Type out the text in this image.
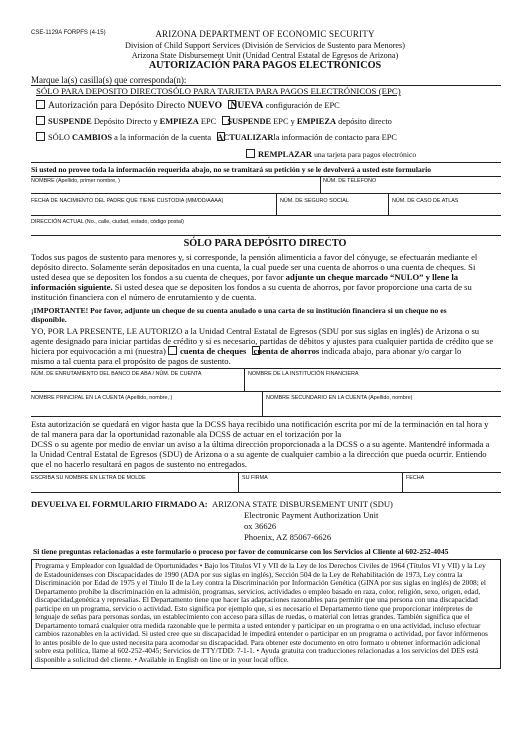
CSE-1129A FORPFS (4-15)	ARIZONA DEPARTMENT OF ECONOMIC SECURITY
Division of Child Support Services (División de Servicios de Sustento para Menores)
Arizona State Disbursement Unit (Unidad Central Estatal de Egresos de Arizona)
AUTORIZACIÓN PARA PAGOS ELECTRÓNICOS
Marque la(s) casilla(s) que corresponda(n):
SÓLO PARA DEPOSITO DIRECTOSÓLO PARA TARJETA PARA PAGOS ELECTRÓNICOS (EPC)
Autorización para Depósito Directo NUEVO NUEVA configuración de EPC
SUSPENDE Depósito Directo y EMPIEZA EPC SUSPENDE EPC y EMPIEZA depósito directo
SÓLO CAMBIOS a la información de la cuenta ACTUALIZARla información de contacto para EPC
REMPLAZAR una tarjeta para pagos electrónico
Si usted no provee toda la información requerida abajo, no se tramitará su petición y se le devolverá a usted este formulario
NOMBRE (Apellido, primer nombre, )	NÚM. DE TELEFONO
FECHA DE NACIMIENTO DEL PADRE QUE TIENE CUSTODIA (MM/DD/AAAA)	NÚM. DE SEGURO SOCIAL	NÚM. DE CASO DE ATLAS
DIRECCIÓN ACTUAL (No., calle, ciudad, estado, código postal)
SÓLO PARA DEPÓSITO DIRECTO
Todos sus pagos de sustento para menores y, si corresponde, la pensión alimenticia a favor del cónyuge, se efectuarán mediante el
depósito directo. Solamente serán depositados en una cuenta, la cual puede ser una cuenta de ahorros o una cuenta de cheques. Si
usted desea que se depositen los fondos a su cuenta de cheques, por favor adjunte un cheque marcado “NULO” y llene la
información siguiente. Si usted desea que se depositen los fondos a su cuenta de ahorros, por favor proporcione una carta de su
institución financiera con el número de enrutamiento y de cuenta.
¡IMPORTANTE! Por favor, adjunte un cheque de su cuenta anulado o una carta de su institución financiera si un cheque no es
disponible.
YO, POR LA PRESENTE, LE AUTORIZO a la Unidad Central Estatal de Egresos (SDU por sus siglas en inglés) de Arizona o su
agente designado para iniciar partidas de crédito y si es necesario, partidas de débitos y ajustes para cualquier partida de crédito que se
hiciera por equivocación a mi (nuestra) cuenta de cheques cuenta de ahorros indicada abajo, para abonar y/o cargar lo
mismo a tal cuenta para el propósito de pagos de sustento.
NÚM. DE ENRUTAMIENTO DEL BANCO DE ABA / NÚM. DE CUENTA	NOMBRE DE LA INSTITUCIÓN FINANCIERA
NOMBRE PRINCIPAL EN LA CUENTA (Apellido, nombre, )	NOMBRE SECUNDARIO EN LA CUENTA (Apellido, nombre)
Esta autorización se quedará en vigor hasta que la DCSS haya recibido una notificación escrita por mí de la terminación en tal hora y
de tal manera para dar la oportunidad razonable ala DCSS de actuar en el torización por la
DCSS o su agente por medio de enviar un aviso a la última dirección proporcionada a la DCSS o a su agente. Mantendré informada a
la Unidad Central Estatal de Egresos (SDU) de Arizona o a su agente de cualquier cambio a la dirección que pueda ocurrir. Entiendo
que el no hacerlo resultará en pagos de sustento no entregados.
ESCRIBA SU NOMBRE EN LETRA DE MOLDE	SU FIRMA	FECHA
DEVUELVA EL FORMULARIO FIRMADO A: ARIZONA STATE DISBURSEMENT UNIT (SDU)
Electronic Payment Authorization Unit
ox 36626
Phoenix, AZ 85067-6626
Si tiene preguntas relacionadas a este formulario o proceso por favor de comunicarse con los Servicios al Cliente al 602-252-4045
Programa y Empleador con Igualdad de Oportunidades • Bajo los Títulos VI y VII de la Ley de los Derechos Civiles de 1964 (Títulos VI y VII) y la Ley
de Estadounidenses con Discapacidades de 1990 (ADA por sus siglas en inglés), Sección 504 de la Ley de Rehabilitación de 1973, Ley contra la
Discriminación por Edad de 1975 y el Título II de la Ley contra la Discriminación por Información Genética (GINA por sus siglas en inglés) de 2008; el
Departamento prohíbe la discriminación en la admisión, programas, servicios, actividades o empleo basado en raza, color, religión, sexo, origen, edad,
discapacidad,genética y represalias. El Departamento tiene que hacer las adaptaciones razonables para permitir que una persona con una discapacidad
participe en un programa, servicio o actividad. Esto significa por ejemplo que, si es necesario el Departamento tiene que proporcionar intérpretes de
lenguaje de señas para personas sordas, un establecimiento con acceso para sillas de ruedas, o material con letras grandes. También significa que el
Departamento tomará cualquier otra medida razonable que le permita a usted entender y participar en un programa o en una actividad, incluso efectuar
cambios razonables en la actividad. Si usted cree que su discapacidad le impedirá entender o participar en un programa o actividad, por favor infórmenos
lo antes posible de lo que usted necesita para acomodar su discapacidad. Para obtener este documento en otro formato u obtener información adicional
sobre esta política, llame al 602-252-4045; Servicios de TTY/TDD: 7-1-1. • Ayuda gratuita con traducciones relacionadas a los servicios del DES está
disponible a solicitud del cliente. • Available in English on line or in your local office.
